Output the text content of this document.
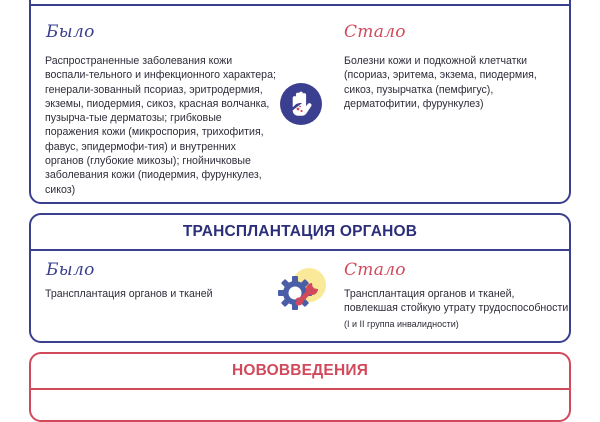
Было
Распространенные заболевания кожи воспали-тельного и инфекционного характера; генерали-зованный псориаз, эритродермия, экземы, пиодермия, сикоз, красная волчанка, пузырча-тые дерматозы; грибковые поражения кожи (микроспория, трихофития, фавус, эпидермофи-тия) и внутренних органов (глубокие микозы); гнойничковые заболевания кожи (пиодермия, фурункулез, сикоз)
Стало
Болезни кожи и подкожной клетчатки (псориаз, эритема, экзема, пиодермия, сикоз, пузырчатка (пемфигус), дерматофитии, фурункулез)
ТРАНСПЛАНТАЦИЯ ОРГАНОВ
Было
Трансплантация органов и тканей
Стало
Трансплантация органов и тканей, повлекшая стойкую утрату трудоспособности
(I и II группа инвалидности)
НОВОВВЕДЕНИЯ
